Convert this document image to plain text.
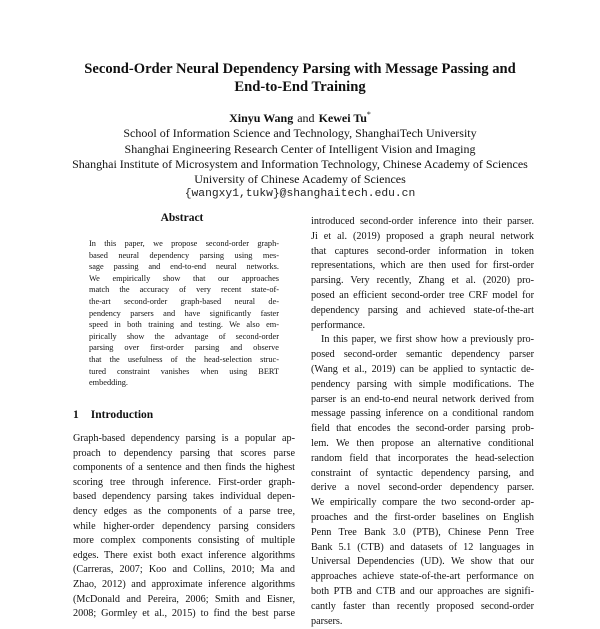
Second-Order Neural Dependency Parsing with Message Passing and
End-to-End Training
Xinyu Wang and Kewei Tu*
School of Information Science and Technology, ShanghaiTech University
Shanghai Engineering Research Center of Intelligent Vision and Imaging
Shanghai Institute of Microsystem and Information Technology, Chinese Academy of Sciences
University of Chinese Academy of Sciences
{wangxy1,tukw}@shanghaitech.edu.cn
Abstract
In this paper, we propose second-order graph-
based neural dependency parsing using mes-
sage passing and end-to-end neural networks.
We empirically show that our approaches
match the accuracy of very recent state-of-
the-art second-order graph-based neural de-
pendency parsers and have significantly faster
speed in both training and testing. We also em-
pirically show the advantage of second-order
parsing over first-order parsing and observe
that the usefulness of the head-selection struc-
tured constraint vanishes when using BERT
embedding.
1 Introduction
Graph-based dependency parsing is a popular ap-
proach to dependency parsing that scores parse
components of a sentence and then finds the highest
scoring tree through inference. First-order graph-
based dependency parsing takes individual depen-
dency edges as the components of a parse tree,
while higher-order dependency parsing considers
more complex components consisting of multiple
edges. There exist both exact inference algorithms
(Carreras, 2007; Koo and Collins, 2010; Ma and
Zhao, 2012) and approximate inference algorithms
(McDonald and Pereira, 2006; Smith and Eisner,
2008; Gormley et al., 2015) to find the best parse
introduced second-order inference into their parser.
Ji et al. (2019) proposed a graph neural network
that captures second-order information in token
representations, which are then used for first-order
parsing. Very recently, Zhang et al. (2020) pro-
posed an efficient second-order tree CRF model for
dependency parsing and achieved state-of-the-art
performance.
In this paper, we first show how a previously pro-
posed second-order semantic dependency parser
(Wang et al., 2019) can be applied to syntactic de-
pendency parsing with simple modifications. The
parser is an end-to-end neural network derived from
message passing inference on a conditional random
field that encodes the second-order parsing prob-
lem. We then propose an alternative conditional
random field that incorporates the head-selection
constraint of syntactic dependency parsing, and
derive a novel second-order dependency parser.
We empirically compare the two second-order ap-
proaches and the first-order baselines on English
Penn Tree Bank 3.0 (PTB), Chinese Penn Tree
Bank 5.1 (CTB) and datasets of 12 languages in
Universal Dependencies (UD). We show that our
approaches achieve state-of-the-art performance on
both PTB and CTB and our approaches are signifi-
cantly faster than recently proposed second-order
parsers.
